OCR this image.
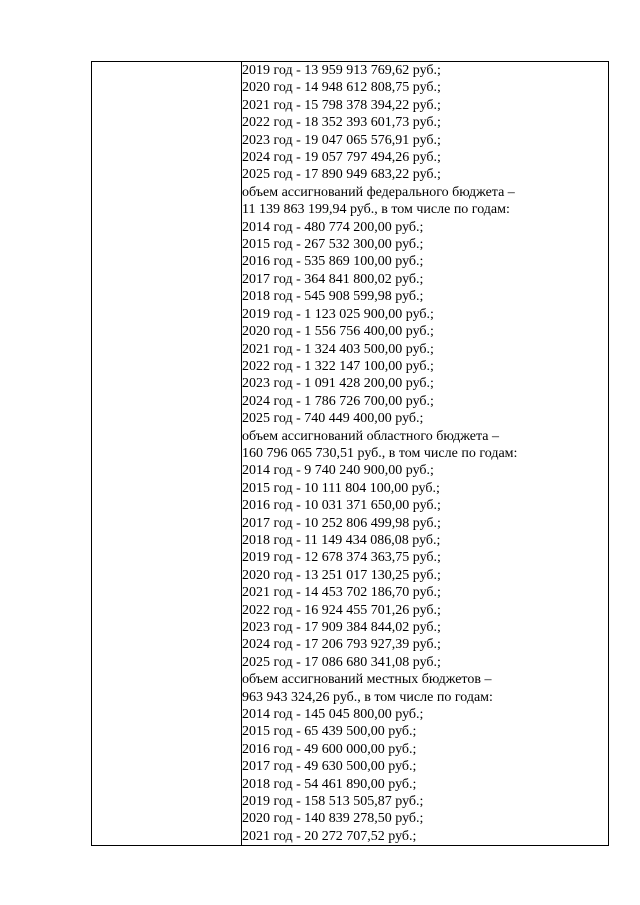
2019 год - 13 959 913 769,62 руб.;
2020 год - 14 948 612 808,75 руб.;
2021 год - 15 798 378 394,22 руб.;
2022 год - 18 352 393 601,73 руб.;
2023 год - 19 047 065 576,91 руб.;
2024 год - 19 057 797 494,26 руб.;
2025 год - 17 890 949 683,22 руб.;
объем ассигнований федерального бюджета –
11 139 863 199,94 руб., в том числе по годам:
2014 год - 480 774 200,00 руб.;
2015 год - 267 532 300,00 руб.;
2016 год - 535 869 100,00 руб.;
2017 год - 364 841 800,02 руб.;
2018 год - 545 908 599,98 руб.;
2019 год - 1 123 025 900,00 руб.;
2020 год - 1 556 756 400,00 руб.;
2021 год - 1 324 403 500,00 руб.;
2022 год - 1 322 147 100,00 руб.;
2023 год - 1 091 428 200,00 руб.;
2024 год - 1 786 726 700,00 руб.;
2025 год - 740 449 400,00 руб.;
объем ассигнований областного бюджета –
160 796 065 730,51 руб., в том числе по годам:
2014 год - 9 740 240 900,00 руб.;
2015 год - 10 111 804 100,00 руб.;
2016 год - 10 031 371 650,00 руб.;
2017 год - 10 252 806 499,98 руб.;
2018 год - 11 149 434 086,08 руб.;
2019 год - 12 678 374 363,75 руб.;
2020 год - 13 251 017 130,25 руб.;
2021 год - 14 453 702 186,70 руб.;
2022 год - 16 924 455 701,26 руб.;
2023 год - 17 909 384 844,02 руб.;
2024 год - 17 206 793 927,39 руб.;
2025 год - 17 086 680 341,08 руб.;
объем ассигнований местных бюджетов –
963 943 324,26 руб., в том числе по годам:
2014 год - 145 045 800,00 руб.;
2015 год - 65 439 500,00 руб.;
2016 год - 49 600 000,00 руб.;
2017 год - 49 630 500,00 руб.;
2018 год - 54 461 890,00 руб.;
2019 год - 158 513 505,87 руб.;
2020 год - 140 839 278,50 руб.;
2021 год - 20 272 707,52 руб.;
